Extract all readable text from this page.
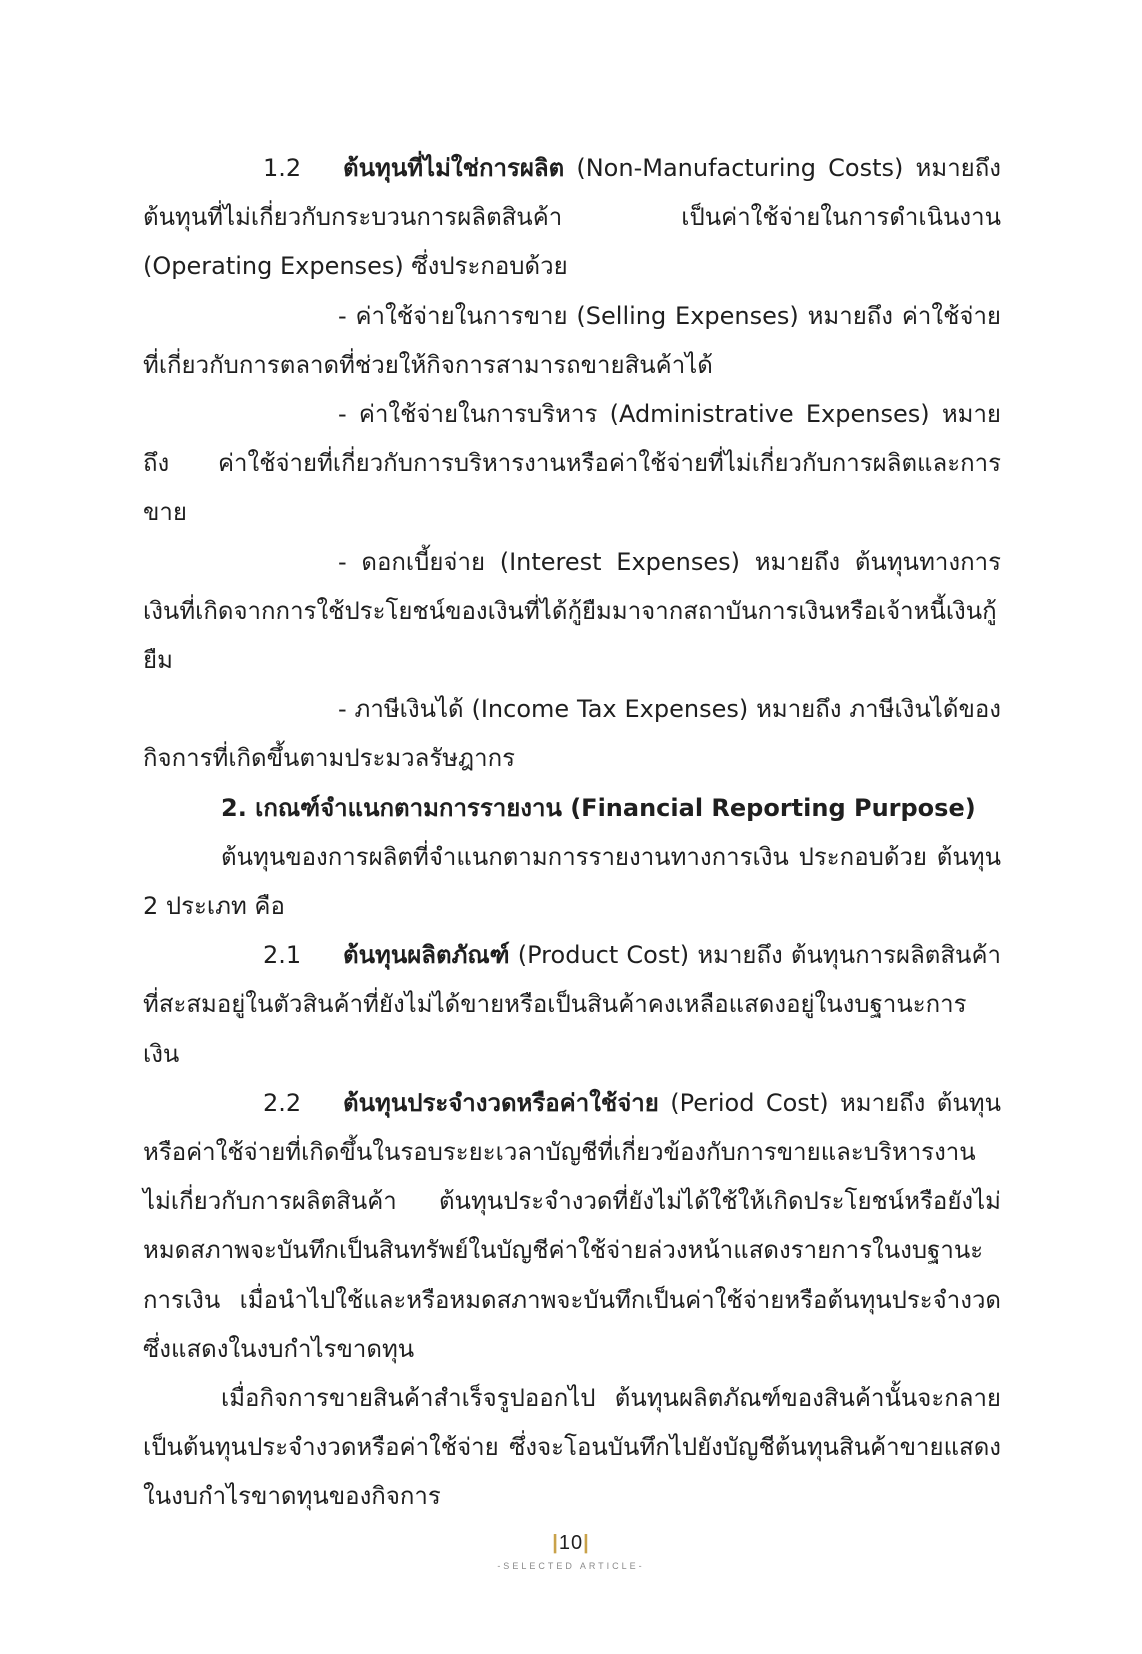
1.2 ต้นทุนที่ไม่ใช่การผลิต (Non-Manufacturing Costs) หมายถึง ต้นทุนที่ไม่เกี่ยวกับกระบวนการผลิตสินค้า เป็นค่าใช้จ่ายในการดำเนินงาน (Operating Expenses) ซึ่งประกอบด้วย

- ค่าใช้จ่ายในการขาย (Selling Expenses) หมายถึง ค่าใช้จ่ายที่เกี่ยวกับการตลาดที่ช่วยให้กิจการสามารถขายสินค้าได้

- ค่าใช้จ่ายในการบริหาร (Administrative Expenses) หมายถึง ค่าใช้จ่ายที่เกี่ยวกับการบริหารงานหรือค่าใช้จ่ายที่ไม่เกี่ยวกับการผลิตและการขาย

- ดอกเบี้ยจ่าย (Interest Expenses) หมายถึง ต้นทุนทางการเงินที่เกิดจากการใช้ประโยชน์ของเงินที่ได้กู้ยืมมาจากสถาบันการเงินหรือเจ้าหนี้เงินกู้ยืม

- ภาษีเงินได้ (Income Tax Expenses) หมายถึง ภาษีเงินได้ของกิจการที่เกิดขึ้นตามประมวลรัษฎากร

2. เกณฑ์จำแนกตามการรายงาน (Financial Reporting Purpose)

ต้นทุนของการผลิตที่จำแนกตามการรายงานทางการเงิน ประกอบด้วย ต้นทุน 2 ประเภท คือ

2.1 ต้นทุนผลิตภัณฑ์ (Product Cost) หมายถึง ต้นทุนการผลิตสินค้าที่สะสมอยู่ในตัวสินค้าที่ยังไม่ได้ขายหรือเป็นสินค้าคงเหลือแสดงอยู่ในงบฐานะการเงิน

2.2 ต้นทุนประจำงวดหรือค่าใช้จ่าย (Period Cost) หมายถึง ต้นทุนหรือค่าใช้จ่ายที่เกิดขึ้นในรอบระยะเวลาบัญชีที่เกี่ยวข้องกับการขายและบริหารงานไม่เกี่ยวกับการผลิตสินค้า ต้นทุนประจำงวดที่ยังไม่ได้ใช้ให้เกิดประโยชน์หรือยังไม่หมดสภาพจะบันทึกเป็นสินทรัพย์ในบัญชีค่าใช้จ่ายล่วงหน้าแสดงรายการในงบฐานะการเงิน เมื่อนำไปใช้และหรือหมดสภาพจะบันทึกเป็นค่าใช้จ่ายหรือต้นทุนประจำงวดซึ่งแสดงในงบกำไรขาดทุน

เมื่อกิจการขายสินค้าสำเร็จรูปออกไป ต้นทุนผลิตภัณฑ์ของสินค้านั้นจะกลายเป็นต้นทุนประจำงวดหรือค่าใช้จ่าย ซึ่งจะโอนบันทึกไปยังบัญชีต้นทุนสินค้าขายแสดงในงบกำไรขาดทุนของกิจการ

|10|
-SELECTED ARTICLE-
